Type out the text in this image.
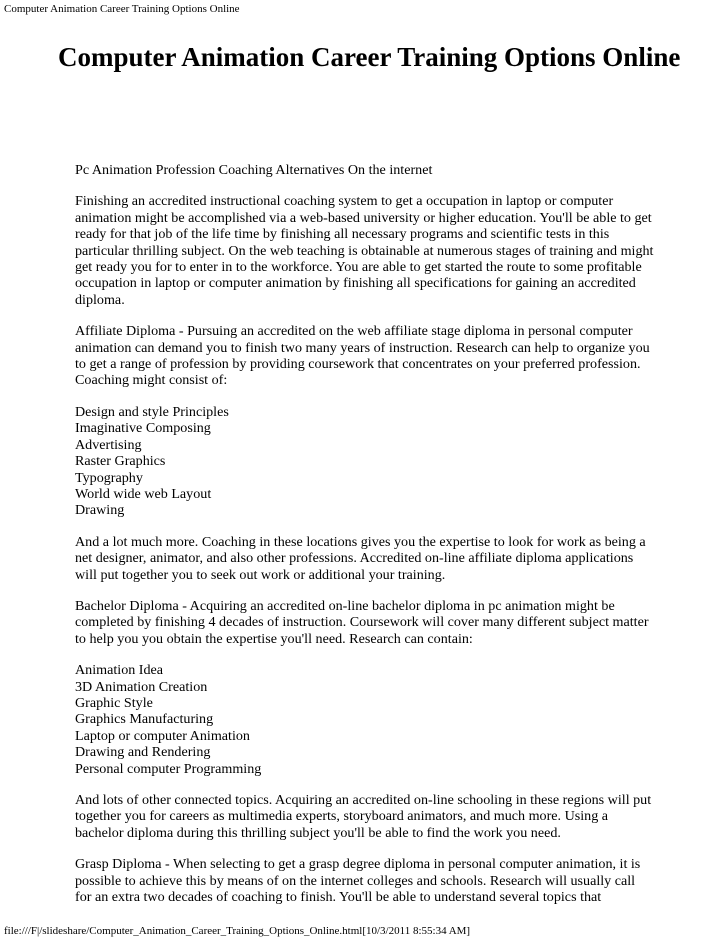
Computer Animation Career Training Options Online
Computer Animation Career Training Options Online

Pc Animation Profession Coaching Alternatives On the internet

Finishing an accredited instructional coaching system to get a occupation in laptop or computer animation might be accomplished via a web-based university or higher education. You'll be able to get ready for that job of the life time by finishing all necessary programs and scientific tests in this particular thrilling subject. On the web teaching is obtainable at numerous stages of training and might get ready you for to enter in to the workforce. You are able to get started the route to some profitable occupation in laptop or computer animation by finishing all specifications for gaining an accredited diploma.

Affiliate Diploma - Pursuing an accredited on the web affiliate stage diploma in personal computer animation can demand you to finish two many years of instruction. Research can help to organize you to get a range of profession by providing coursework that concentrates on your preferred profession. Coaching might consist of:

Design and style Principles
Imaginative Composing
Advertising
Raster Graphics
Typography
World wide web Layout
Drawing

And a lot much more. Coaching in these locations gives you the expertise to look for work as being a net designer, animator, and also other professions. Accredited on-line affiliate diploma applications will put together you to seek out work or additional your training.

Bachelor Diploma - Acquiring an accredited on-line bachelor diploma in pc animation might be completed by finishing 4 decades of instruction. Coursework will cover many different subject matter to help you you obtain the expertise you'll need. Research can contain:

Animation Idea
3D Animation Creation
Graphic Style
Graphics Manufacturing
Laptop or computer Animation
Drawing and Rendering
Personal computer Programming

And lots of other connected topics. Acquiring an accredited on-line schooling in these regions will put together you for careers as multimedia experts, storyboard animators, and much more. Using a bachelor diploma during this thrilling subject you'll be able to find the work you need.

Grasp Diploma - When selecting to get a grasp degree diploma in personal computer animation, it is possible to achieve this by means of on the internet colleges and schools. Research will usually call for an extra two decades of coaching to finish. You'll be able to understand several topics that

file:///F|/slideshare/Computer_Animation_Career_Training_Options_Online.html[10/3/2011 8:55:34 AM]
